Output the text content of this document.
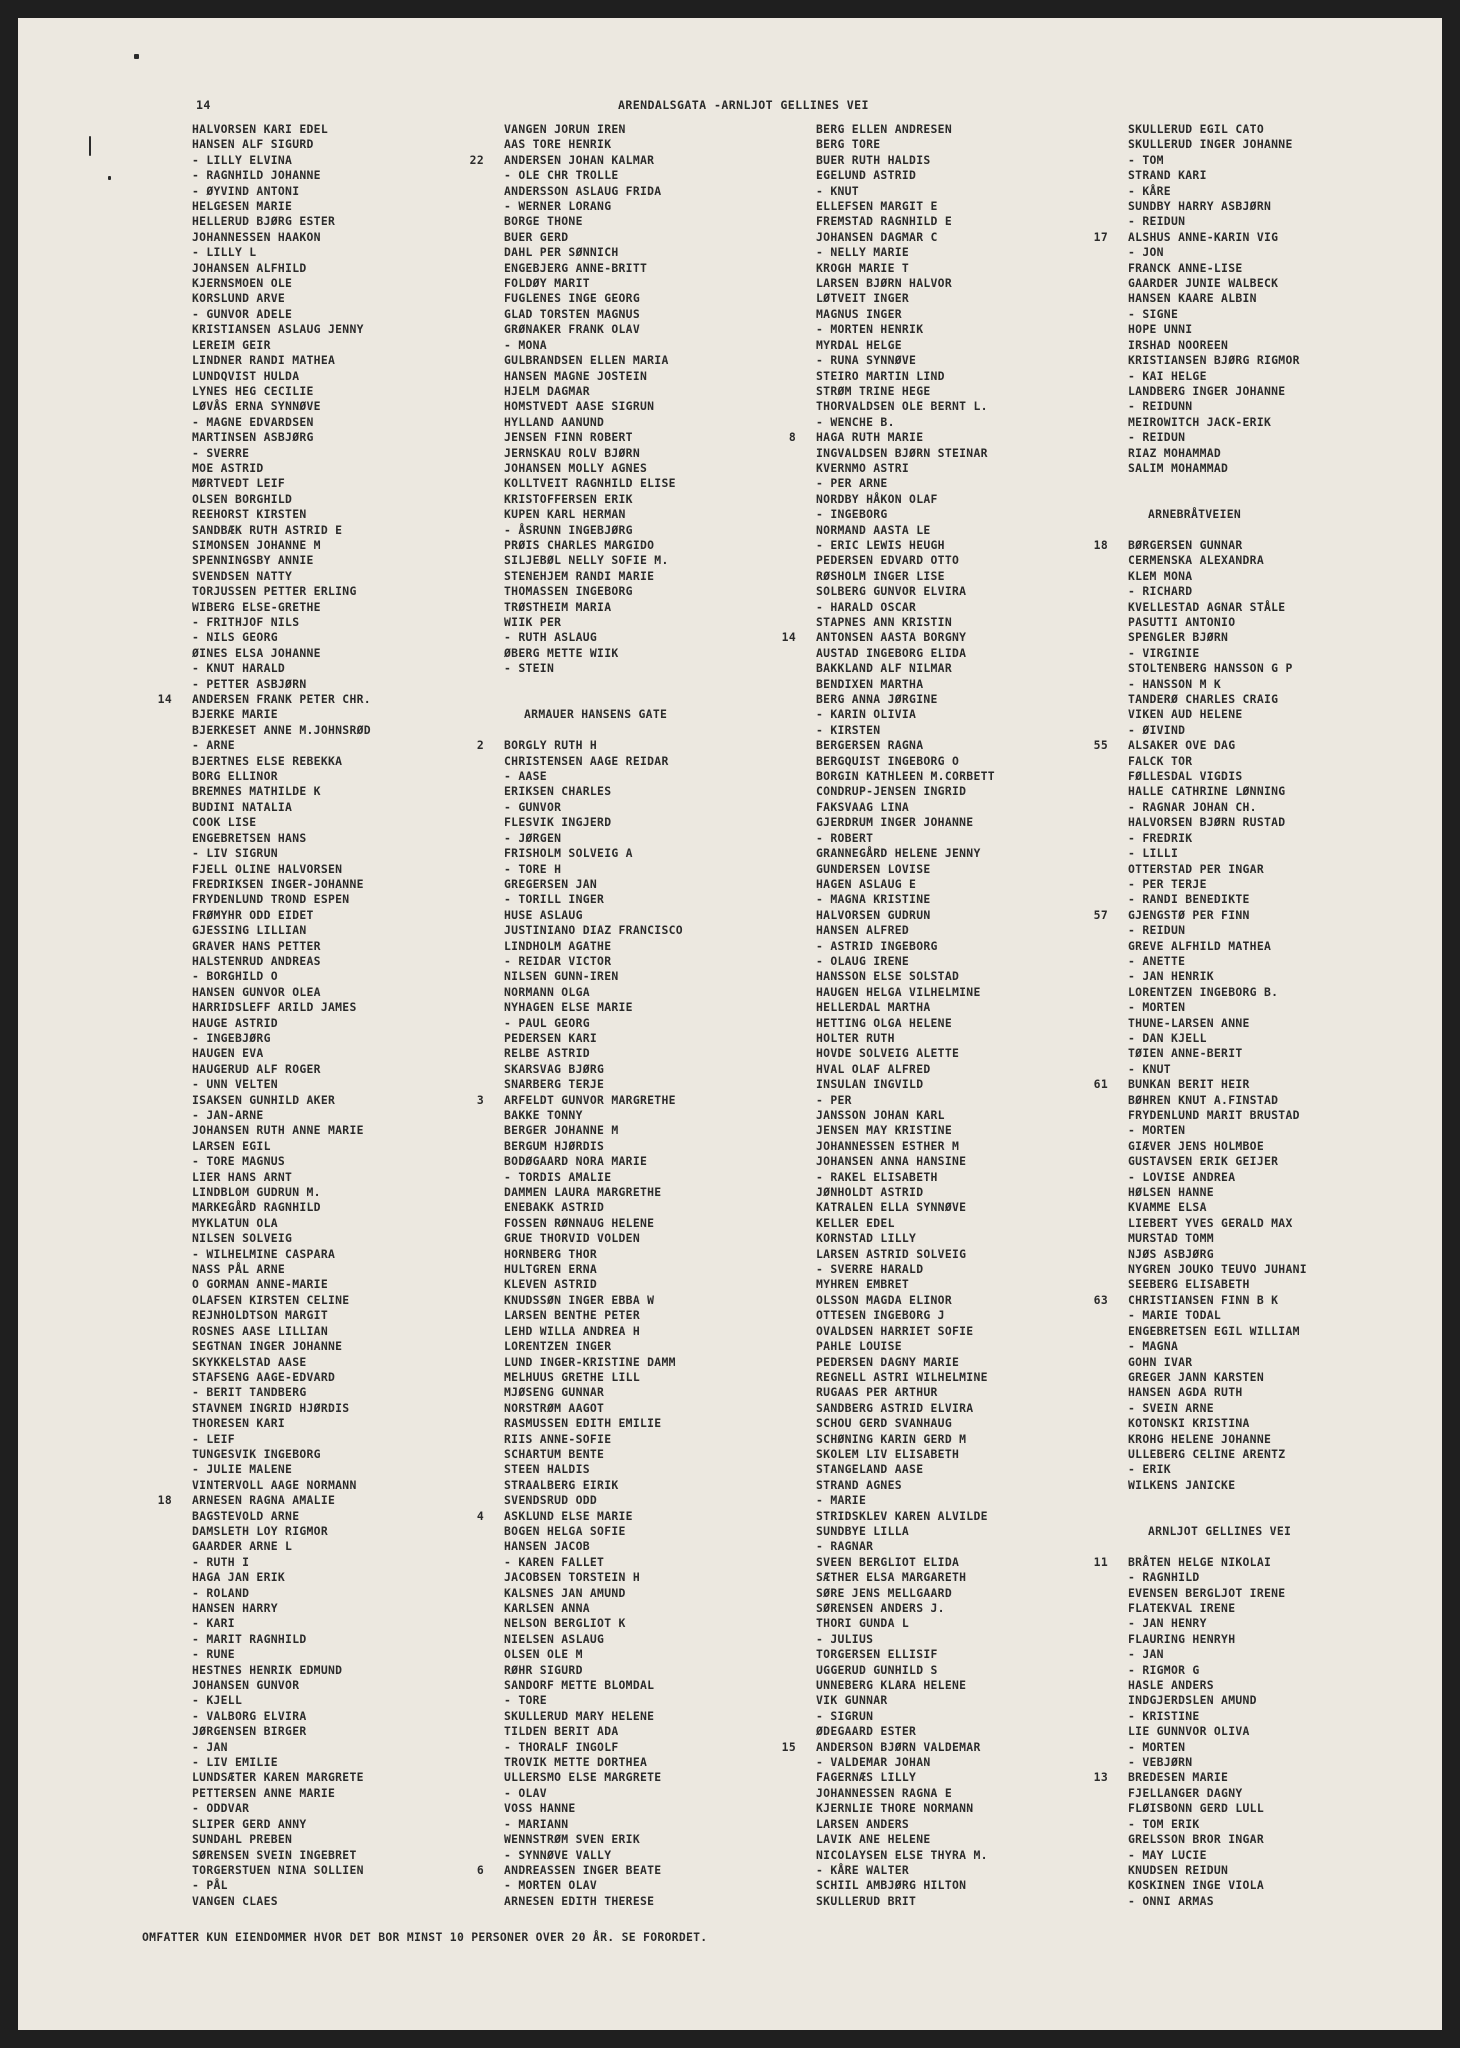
14	ARENDALSGATA -ARNLJOT GELLINES VEI
HALVORSEN KARI EDEL
HANSEN ALF SIGURD
- LILLY ELVINA
- RAGNHILD JOHANNE
- ØYVIND ANTONI
HELGESEN MARIE
HELLERUD BJØRG ESTER
JOHANNESSEN HAAKON
- LILLY L
JOHANSEN ALFHILD
KJERNSMOEN OLE
KORSLUND ARVE
- GUNVOR ADELE
KRISTIANSEN ASLAUG JENNY
LEREIM GEIR
LINDNER RANDI MATHEA
LUNDQVIST HULDA
LYNES HEG CECILIE
LØVÅS ERNA SYNNØVE
- MAGNE EDVARDSEN
MARTINSEN ASBJØRG
- SVERRE
MOE ASTRID
MØRTVEDT LEIF
OLSEN BORGHILD
REEHORST KIRSTEN
SANDBÆK RUTH ASTRID E
SIMONSEN JOHANNE M
SPENNINGSBY ANNIE
SVENDSEN NATTY
TORJUSSEN PETTER ERLING
WIBERG ELSE-GRETHE
- FRITHJOF NILS
- NILS GEORG
ØINES ELSA JOHANNE
- KNUT HARALD
- PETTER ASBJØRN
14 ANDERSEN FRANK PETER CHR.
BJERKE MARIE
BJERKESET ANNE M.JOHNSRØD
- ARNE
BJERTNES ELSE REBEKKA
BORG ELLINOR
BREMNES MATHILDE K
BUDINI NATALIA
COOK LISE
ENGEBRETSEN HANS
- LIV SIGRUN
FJELL OLINE HALVORSEN
FREDRIKSEN INGER-JOHANNE
FRYDENLUND TROND ESPEN
FRØMYHR ODD EIDET
GJESSING LILLIAN
GRAVER HANS PETTER
HALSTENRUD ANDREAS
- BORGHILD O
HANSEN GUNVOR OLEA
HARRIDSLEFF ARILD JAMES
HAUGE ASTRID
- INGEBJØRG
HAUGEN EVA
HAUGERUD ALF ROGER
- UNN VELTEN
ISAKSEN GUNHILD AKER
- JAN-ARNE
JOHANSEN RUTH ANNE MARIE
LARSEN EGIL
- TORE MAGNUS
LIER HANS ARNT
LINDBLOM GUDRUN M.
MARKEGÅRD RAGNHILD
MYKLATUN OLA
NILSEN SOLVEIG
- WILHELMINE CASPARA
NASS PÅL ARNE
O GORMAN ANNE-MARIE
OLAFSEN KIRSTEN CELINE
REJNHOLDTSON MARGIT
ROSNES AASE LILLIAN
SEGTNAN INGER JOHANNE
SKYKKELSTAD AASE
STAFSENG AAGE-EDVARD
- BERIT TANDBERG
STAVNEM INGRID HJØRDIS
THORESEN KARI
- LEIF
TUNGESVIK INGEBORG
- JULIE MALENE
VINTERVOLL AAGE NORMANN
18 ARNESEN RAGNA AMALIE
BAGSTEVOLD ARNE
DAMSLETH LOY RIGMOR
GAARDER ARNE L
- RUTH I
HAGA JAN ERIK
- ROLAND
HANSEN HARRY
- KARI
- MARIT RAGNHILD
- RUNE
HESTNES HENRIK EDMUND
JOHANSEN GUNVOR
- KJELL
- VALBORG ELVIRA
JØRGENSEN BIRGER
- JAN
- LIV EMILIE
LUNDSÆTER KAREN MARGRETE
PETTERSEN ANNE MARIE
- ODDVAR
SLIPER GERD ANNY
SUNDAHL PREBEN
SØRENSEN SVEIN INGEBRET
TORGERSTUEN NINA SOLLIEN
- PÅL
VANGEN CLAES
VANGEN JORUN IREN
AAS TORE HENRIK
22 ANDERSEN JOHAN KALMAR
- OLE CHR TROLLE
ANDERSSON ASLAUG FRIDA
- WERNER LORANG
BORGE THONE
BUER GERD
DAHL PER SØNNICH
ENGEBJERG ANNE-BRITT
FOLDØY MARIT
FUGLENES INGE GEORG
GLAD TORSTEN MAGNUS
GRØNAKER FRANK OLAV
- MONA
GULBRANDSEN ELLEN MARIA
HANSEN MAGNE JOSTEIN
HJELM DAGMAR
HOMSTVEDT AASE SIGRUN
HYLLAND AANUND
JENSEN FINN ROBERT
JERNSKAU ROLV BJØRN
JOHANSEN MOLLY AGNES
KOLLTVEIT RAGNHILD ELISE
KRISTOFFERSEN ERIK
KUPEN KARL HERMAN
- ÅSRUNN INGEBJØRG
PRØIS CHARLES MARGIDO
SILJEBØL NELLY SOFIE M.
STENEHJEM RANDI MARIE
THOMASSEN INGEBORG
TRØSTHEIM MARIA
WIIK PER
- RUTH ASLAUG
ØBERG METTE WIIK
- STEIN
ARMAUER HANSENS GATE
2 BORGLY RUTH H
CHRISTENSEN AAGE REIDAR
- AASE
ERIKSEN CHARLES
- GUNVOR
FLESVIK INGJERD
- JØRGEN
FRISHOLM SOLVEIG A
- TORE H
GREGERSEN JAN
- TORILL INGER
HUSE ASLAUG
JUSTINIANO DIAZ FRANCISCO
LINDHOLM AGATHE
- REIDAR VICTOR
NILSEN GUNN-IREN
NORMANN OLGA
NYHAGEN ELSE MARIE
- PAUL GEORG
PEDERSEN KARI
RELBE ASTRID
SKARSVAG BJØRG
SNARBERG TERJE
3 ARFELDT GUNVOR MARGRETHE
BAKKE TONNY
BERGER JOHANNE M
BERGUM HJØRDIS
BODØGAARD NORA MARIE
- TORDIS AMALIE
DAMMEN LAURA MARGRETHE
ENEBAKK ASTRID
FOSSEN RØNNAUG HELENE
GRUE THORVID VOLDEN
HORNBERG THOR
HULTGREN ERNA
KLEVEN ASTRID
KNUDSSØN INGER EBBA W
LARSEN BENTHE PETER
LEHD WILLA ANDREA H
LORENTZEN INGER
LUND INGER-KRISTINE DAMM
MELHUUS GRETHE LILL
MJØSENG GUNNAR
NORSTRØM AAGOT
RASMUSSEN EDITH EMILIE
RIIS ANNE-SOFIE
SCHARTUM BENTE
STEEN HALDIS
STRAALBERG EIRIK
SVENDSRUD ODD
4 ASKLUND ELSE MARIE
BOGEN HELGA SOFIE
HANSEN JACOB
- KAREN FALLET
JACOBSEN TORSTEIN H
KALSNES JAN AMUND
KARLSEN ANNA
NELSON BERGLIOT K
NIELSEN ASLAUG
OLSEN OLE M
RØHR SIGURD
SANDORF METTE BLOMDAL
- TORE
SKULLERUD MARY HELENE
TILDEN BERIT ADA
- THORALF INGOLF
TROVIK METTE DORTHEA
ULLERSMO ELSE MARGRETE
- OLAV
VOSS HANNE
- MARIANN
WENNSTRØM SVEN ERIK
- SYNNØVE VALLY
6 ANDREASSEN INGER BEATE
- MORTEN OLAV
ARNESEN EDITH THERESE
BERG ELLEN ANDRESEN
BERG TORE
BUER RUTH HALDIS
EGELUND ASTRID
- KNUT
ELLEFSEN MARGIT E
FREMSTAD RAGNHILD E
JOHANSEN DAGMAR C
- NELLY MARIE
KROGH MARIE T
LARSEN BJØRN HALVOR
LØTVEIT INGER
MAGNUS INGER
- MORTEN HENRIK
MYRDAL HELGE
- RUNA SYNNØVE
STEIRO MARTIN LIND
STRØM TRINE HEGE
THORVALDSEN OLE BERNT L.
- WENCHE B.
8 HAGA RUTH MARIE
INGVALDSEN BJØRN STEINAR
KVERNMO ASTRI
- PER ARNE
NORDBY HÅKON OLAF
- INGEBORG
NORMAND AASTA LE
- ERIC LEWIS HEUGH
PEDERSEN EDVARD OTTO
RØSHOLM INGER LISE
SOLBERG GUNVOR ELVIRA
- HARALD OSCAR
STAPNES ANN KRISTIN
14 ANTONSEN AASTA BORGNY
AUSTAD INGEBORG ELIDA
BAKKLAND ALF NILMAR
BENDIXEN MARTHA
BERG ANNA JØRGINE
- KARIN OLIVIA
- KIRSTEN
BERGERSEN RAGNA
BERGQUIST INGEBORG O
BORGIN KATHLEEN M.CORBETT
CONDRUP-JENSEN INGRID
FAKSVAAG LINA
GJERDRUM INGER JOHANNE
- ROBERT
GRANNEGÅRD HELENE JENNY
GUNDERSEN LOVISE
HAGEN ASLAUG E
- MAGNA KRISTINE
HALVORSEN GUDRUN
HANSEN ALFRED
- ASTRID INGEBORG
- OLAUG IRENE
HANSSON ELSE SOLSTAD
HAUGEN HELGA VILHELMINE
HELLERDAL MARTHA
HETTING OLGA HELENE
HOLTER RUTH
HOVDE SOLVEIG ALETTE
HVAL OLAF ALFRED
INSULAN INGVILD
- PER
JANSSON JOHAN KARL
JENSEN MAY KRISTINE
JOHANNESSEN ESTHER M
JOHANSEN ANNA HANSINE
- RAKEL ELISABETH
JØNHOLDT ASTRID
KATRALEN ELLA SYNNØVE
KELLER EDEL
KORNSTAD LILLY
LARSEN ASTRID SOLVEIG
- SVERRE HARALD
MYHREN EMBRET
OLSSON MAGDA ELINOR
OTTESEN INGEBORG J
OVALDSEN HARRIET SOFIE
PAHLE LOUISE
PEDERSEN DAGNY MARIE
REGNELL ASTRI WILHELMINE
RUGAAS PER ARTHUR
SANDBERG ASTRID ELVIRA
SCHOU GERD SVANHAUG
SCHØNING KARIN GERD M
SKOLEM LIV ELISABETH
STANGELAND AASE
STRAND AGNES
- MARIE
STRIDSKLEV KAREN ALVILDE
SUNDBYE LILLA
- RAGNAR
SVEEN BERGLIOT ELIDA
SÆTHER ELSA MARGARETH
SØRE JENS MELLGAARD
SØRENSEN ANDERS J.
THORI GUNDA L
- JULIUS
TORGERSEN ELLISIF
UGGERUD GUNHILD S
UNNEBERG KLARA HELENE
VIK GUNNAR
- SIGRUN
ØDEGAARD ESTER
15 ANDERSON BJØRN VALDEMAR
- VALDEMAR JOHAN
FAGERNÆS LILLY
JOHANNESSEN RAGNA E
KJERNLIE THORE NORMANN
LARSEN ANDERS
LAVIK ANE HELENE
NICOLAYSEN ELSE THYRA M.
- KÅRE WALTER
SCHIIL AMBJØRG HILTON
SKULLERUD BRIT
SKULLERUD EGIL CATO
SKULLERUD INGER JOHANNE
- TOM
STRAND KARI
- KÅRE
SUNDBY HARRY ASBJØRN
- REIDUN
17 ALSHUS ANNE-KARIN VIG
- JON
FRANCK ANNE-LISE
GAARDER JUNIE WALBECK
HANSEN KAARE ALBIN
- SIGNE
HOPE UNNI
IRSHAD NOOREEN
KRISTIANSEN BJØRG RIGMOR
- KAI HELGE
LANDBERG INGER JOHANNE
- REIDUNN
MEIROWITCH JACK-ERIK
- REIDUN
RIAZ MOHAMMAD
SALIM MOHAMMAD
ARNEBRÅTVEIEN
18 BØRGERSEN GUNNAR
CERMENSKA ALEXANDRA
KLEM MONA
- RICHARD
KVELLESTAD AGNAR STÅLE
PASUTTI ANTONIO
SPENGLER BJØRN
- VIRGINIE
STOLTENBERG HANSSON G P
- HANSSON M K
TANDERØ CHARLES CRAIG
VIKEN AUD HELENE
- ØIVIND
55 ALSAKER OVE DAG
FALCK TOR
FØLLESDAL VIGDIS
HALLE CATHRINE LØNNING
- RAGNAR JOHAN CH.
HALVORSEN BJØRN RUSTAD
- FREDRIK
- LILLI
OTTERSTAD PER INGAR
- PER TERJE
- RANDI BENEDIKTE
57 GJENGSTØ PER FINN
- REIDUN
GREVE ALFHILD MATHEA
- ANETTE
- JAN HENRIK
LORENTZEN INGEBORG B.
- MORTEN
THUNE-LARSEN ANNE
- DAN KJELL
TØIEN ANNE-BERIT
- KNUT
61 BUNKAN BERIT HEIR
BØHREN KNUT A.FINSTAD
FRYDENLUND MARIT BRUSTAD
- MORTEN
GIÆVER JENS HOLMBOE
GUSTAVSEN ERIK GEIJER
- LOVISE ANDREA
HØLSEN HANNE
KVAMME ELSA
LIEBERT YVES GERALD MAX
MURSTAD TOMM
NJØS ASBJØRG
NYGREN JOUKO TEUVO JUHANI
SEEBERG ELISABETH
63 CHRISTIANSEN FINN B K
- MARIE TODAL
ENGEBRETSEN EGIL WILLIAM
- MAGNA
GOHN IVAR
GREGER JANN KARSTEN
HANSEN AGDA RUTH
- SVEIN ARNE
KOTONSKI KRISTINA
KROHG HELENE JOHANNE
ULLEBERG CELINE ARENTZ
- ERIK
WILKENS JANICKE
ARNLJOT GELLINES VEI
11 BRÅTEN HELGE NIKOLAI
- RAGNHILD
EVENSEN BERGLJOT IRENE
FLATEKVAL IRENE
- JAN HENRY
FLAURING HENRYH
- JAN
- RIGMOR G
HASLE ANDERS
INDGJERDSLEN AMUND
- KRISTINE
LIE GUNNVOR OLIVA
- MORTEN
- VEBJØRN
13 BREDESEN MARIE
FJELLANGER DAGNY
FLØISBONN GERD LULL
- TOM ERIK
GRELSSON BROR INGAR
- MAY LUCIE
KNUDSEN REIDUN
KOSKINEN INGE VIOLA
- ONNI ARMAS
OMFATTER KUN EIENDOMMER HVOR DET BOR MINST 10 PERSONER OVER 20 ÅR. SE FORORDET.
